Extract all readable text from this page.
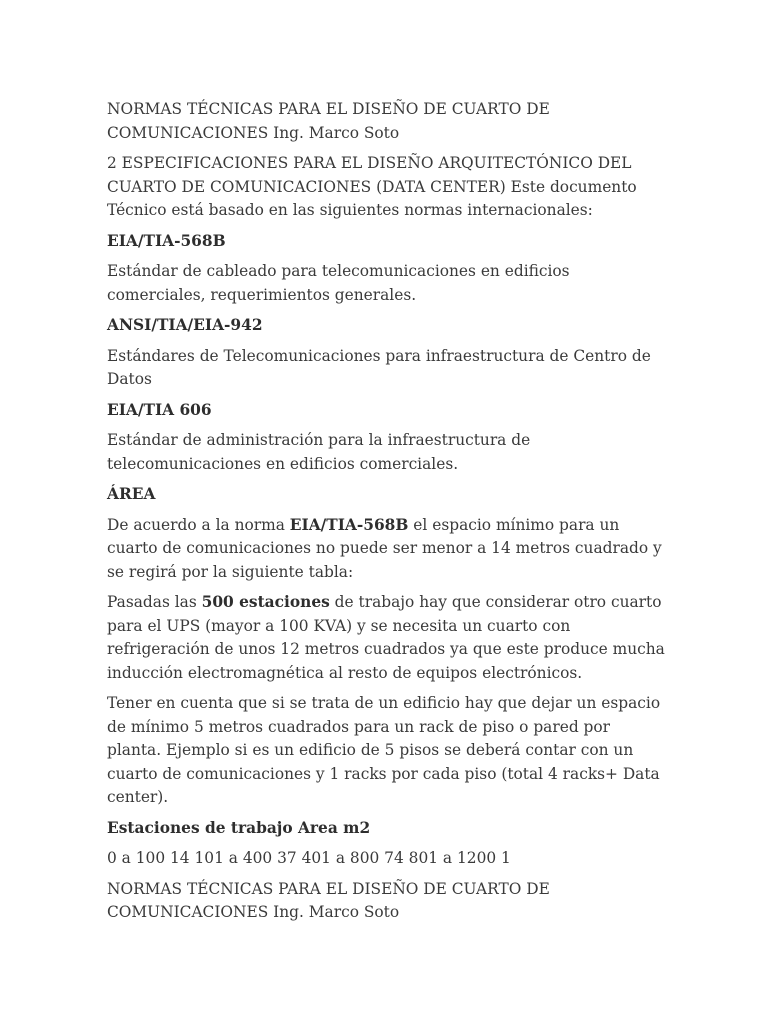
NORMAS TÉCNICAS PARA EL DISEÑO DE CUARTO DE COMUNICACIONES Ing. Marco Soto

2 ESPECIFICACIONES PARA EL DISEÑO ARQUITECTÓNICO DEL CUARTO DE COMUNICACIONES (DATA CENTER) Este documento Técnico está basado en las siguientes normas internacionales:

EIA/TIA-568B

Estándar de cableado para telecomunicaciones en edificios comerciales, requerimientos generales.

ANSI/TIA/EIA-942

Estándares de Telecomunicaciones para infraestructura de Centro de Datos

EIA/TIA 606

Estándar de administración para la infraestructura de telecomunicaciones en edificios comerciales.

ÁREA

De acuerdo a la norma EIA/TIA-568B el espacio mínimo para un cuarto de comunicaciones no puede ser menor a 14 metros cuadrado y se regirá por la siguiente tabla:

Pasadas las 500 estaciones de trabajo hay que considerar otro cuarto para el UPS (mayor a 100 KVA) y se necesita un cuarto con refrigeración de unos 12 metros cuadrados ya que este produce mucha inducción electromagnética al resto de equipos electrónicos.

Tener en cuenta que si se trata de un edificio hay que dejar un espacio de mínimo 5 metros cuadrados para un rack de piso o pared por planta. Ejemplo si es un edificio de 5 pisos se deberá contar con un cuarto de comunicaciones y 1 racks por cada piso (total 4 racks+ Data center).

Estaciones de trabajo Area m2

0 a 100 14 101 a 400 37 401 a 800 74 801 a 1200 1

NORMAS TÉCNICAS PARA EL DISEÑO DE CUARTO DE COMUNICACIONES Ing. Marco Soto
